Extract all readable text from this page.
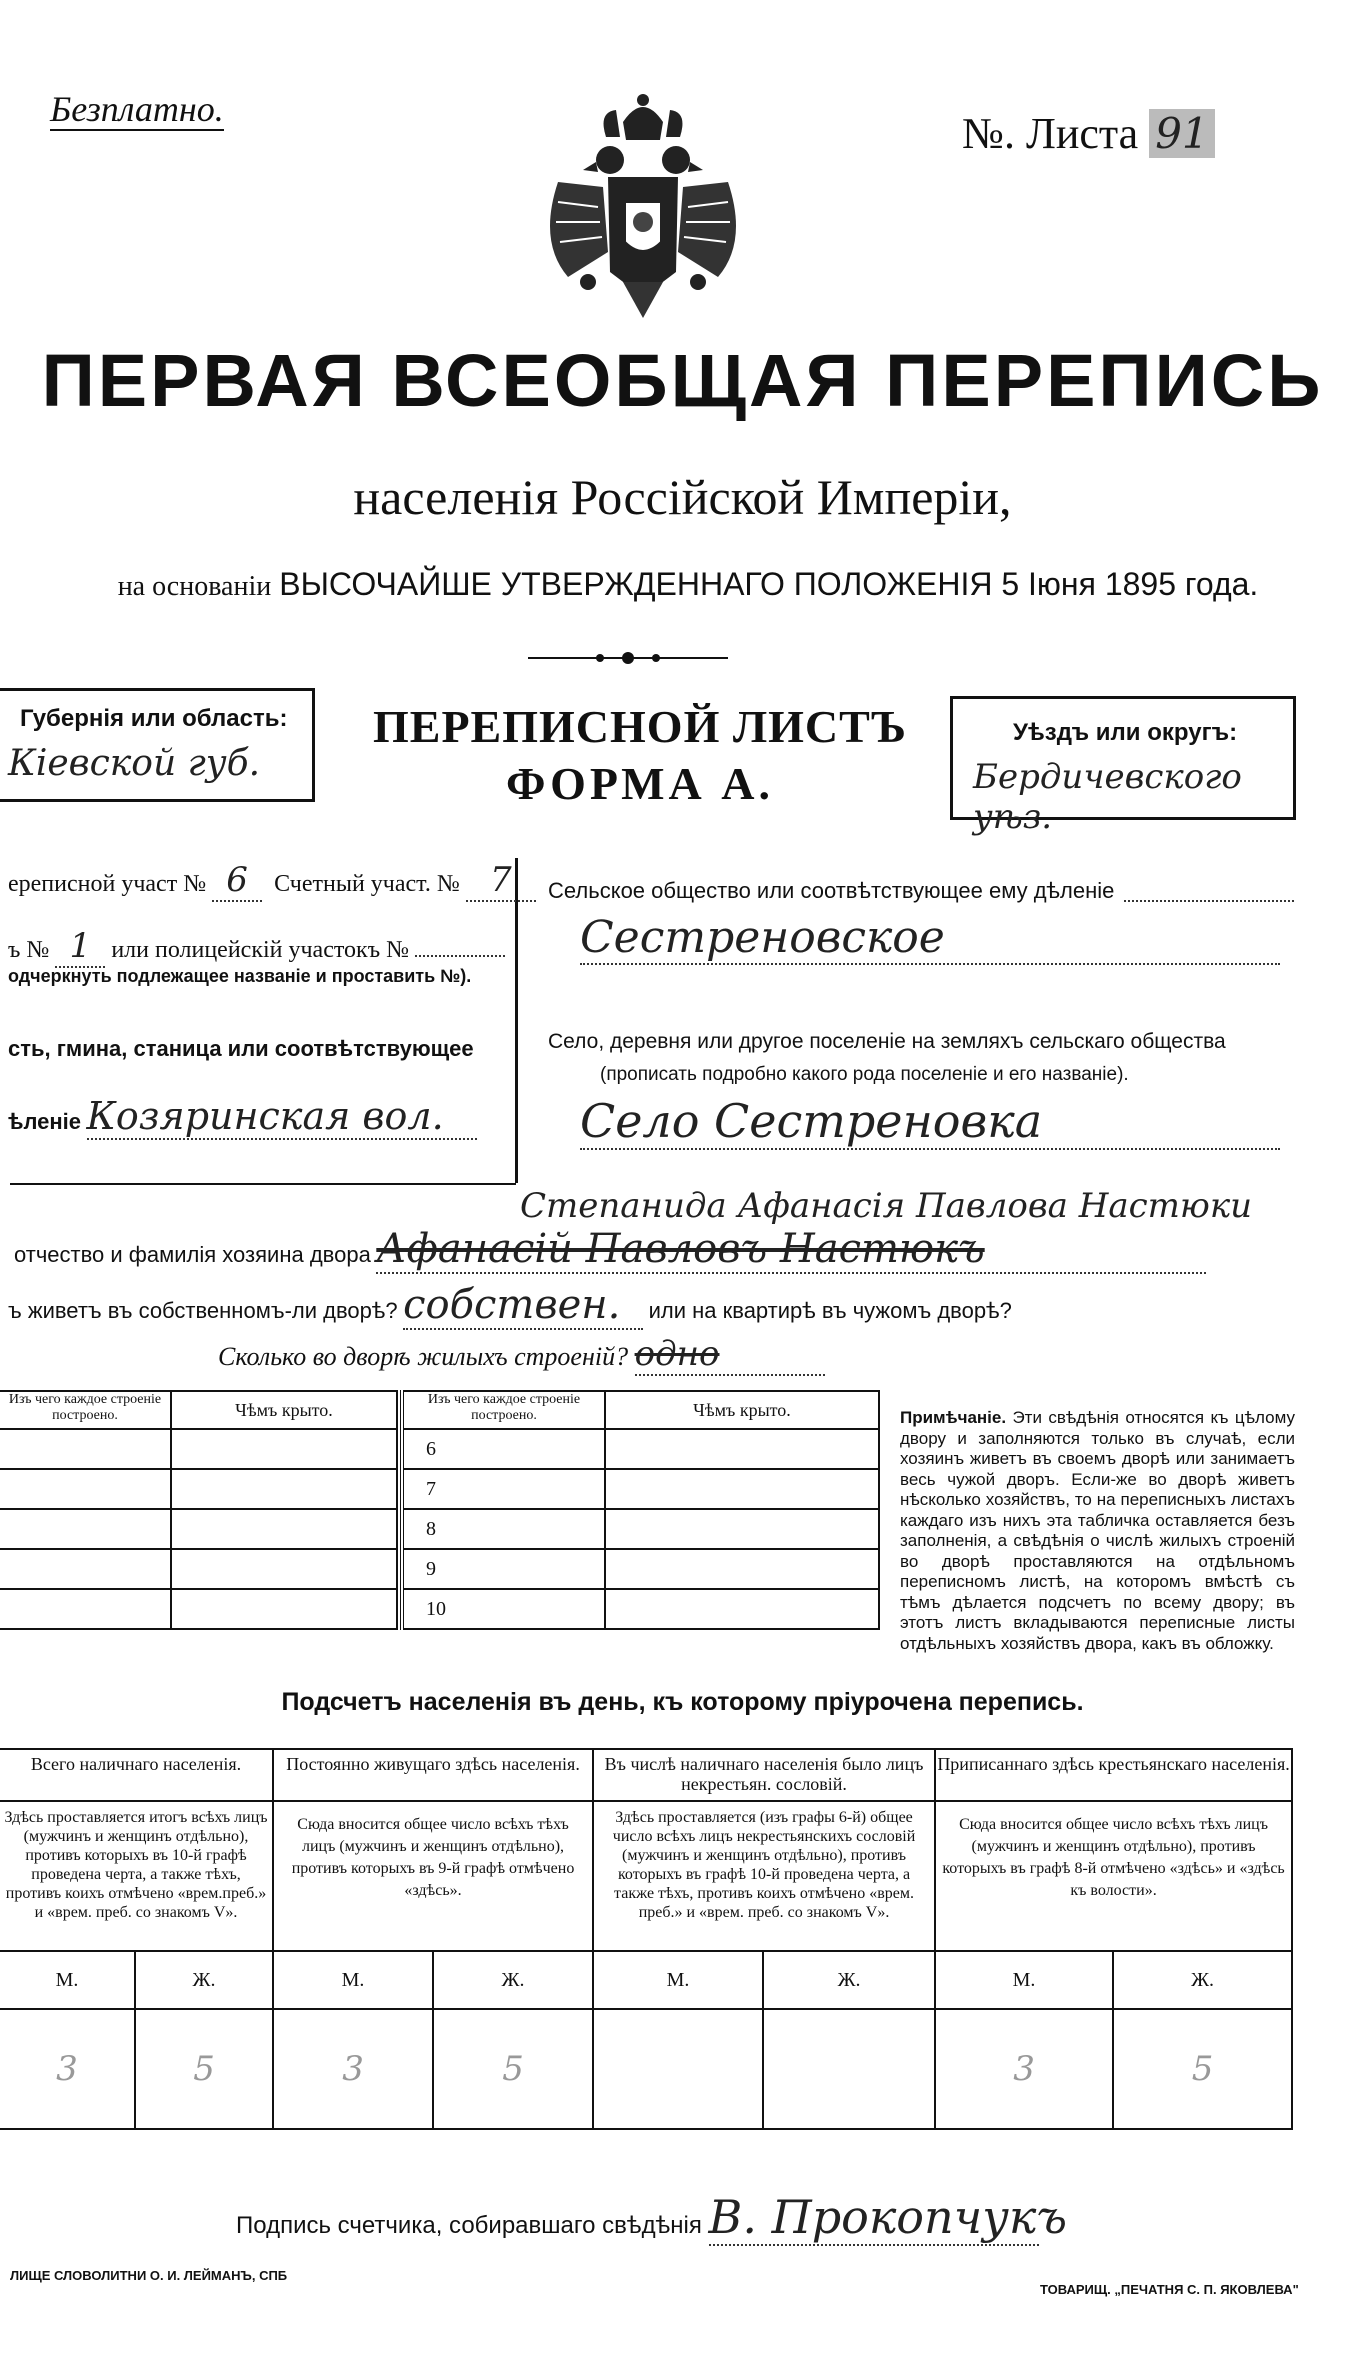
Безплатно.	№. Листа 91
ПЕРВАЯ ВСЕОБЩАЯ ПЕРЕПИСЬ
населенія Россійской Имперіи,
на основаніи ВЫСОЧАЙШЕ УТВЕРЖДЕННАГО ПОЛОЖЕНІЯ 5 Іюня 1895 года.
Губернія или область:
Кіевской губ.
ПЕРЕПИСНОЙ ЛИСТЪ
ФОРМА А.
Уѣздъ или округъ:
Бердичевского уѣз.
ереписной участ № 6 Счетный участ. № 7
ъ № 1 или полицейскій участокъ №
одчеркнуть подлежащее названіе и проставить №).
сть, гмина, станица или соотвѣтствующее
ѣленіе Козяринская вол.
Сельское общество или соотвѣтствующее ему дѣленіе
Сестреновское
Село, деревня или другое поселеніе на земляхъ сельскаго общества
(прописать подробно какого рода поселеніе и его названіе).
Село Сестреновка
Степанида Афанасія Павлова Настюки
отчество и фамилія хозяина двора Афанасій Павловъ Настюкъ
ъ живетъ въ собственномъ-ли дворѣ? собствен. или на квартирѣ въ чужомъ дворѣ?
Сколько во дворѣ жилыхъ строеній? одно
Изъ чего каждое строеніе построено.	Чѣмъ крыто.

		Изъ чего каждое строеніе построено.	Чѣмъ крыто.
6	
7	
8	
9	
10	
Примѣчаніе. Эти свѣдѣнія относятся къ цѣлому двору и заполняются только въ случаѣ, если хозяинъ живетъ въ своемъ дворѣ или занимаетъ весь чужой дворъ. Если-же во дворѣ живетъ нѣсколько хозяйствъ, то на переписныхъ листахъ каждаго изъ нихъ эта табличка оставляется безъ заполненія, а свѣдѣнія о числѣ жилыхъ строеній во дворѣ проставляются на отдѣльномъ переписномъ листѣ, на которомъ вмѣстѣ съ тѣмъ дѣлается подсчетъ по всему двору; въ этотъ листъ вкладываются переписные листы отдѣльныхъ хозяйствъ двора, какъ въ обложку.
Подсчетъ населенія въ день, къ которому пріурочена перепись.
Всего наличнаго населенія.		Постоянно живущаго здѣсь населенія.		Въ числѣ наличнаго населенія было лицъ некрестьян. сословій.		Приписаннаго здѣсь крестьянскаго населенія.	
Здѣсь проставляется итогъ всѣхъ лицъ (мужчинъ и женщинъ отдѣльно), противъ которыхъ въ 10-й графѣ проведена черта, а также тѣхъ, противъ коихъ отмѣчено «врем.преб.» и «врем. преб. со знакомъ V».		Сюда вносится общее число всѣхъ тѣхъ лицъ (мужчинъ и женщинъ отдѣльно), противъ которыхъ въ 9-й графѣ отмѣчено «здѣсь».		Здѣсь проставляется (изъ графы 6-й) общее число всѣхъ лицъ некрестьянскихъ сословій (мужчинъ и женщинъ отдѣльно), противъ которыхъ въ графѣ 10-й проведена черта, а также тѣхъ, противъ коихъ отмѣчено «врем. преб.» и «врем. преб. со знакомъ V».		Сюда вносится общее число всѣхъ тѣхъ лицъ (мужчинъ и женщинъ отдѣльно), противъ которыхъ въ графѣ 8-й отмѣчено «здѣсь» и «здѣсь къ волости».	
М.	Ж.	М.	Ж.	М.	Ж.	М.	Ж.
3	5	3	5			3	5
Подпись счетчика, собиравшаго свѣдѣнія В. Прокопчукъ
ЛИЩЕ СЛОВОЛИТНИ О. И. ЛЕЙМАНЪ, СПБ
ТОВАРИЩ. „ПЕЧАТНЯ С. П. ЯКОВЛЕВА"
